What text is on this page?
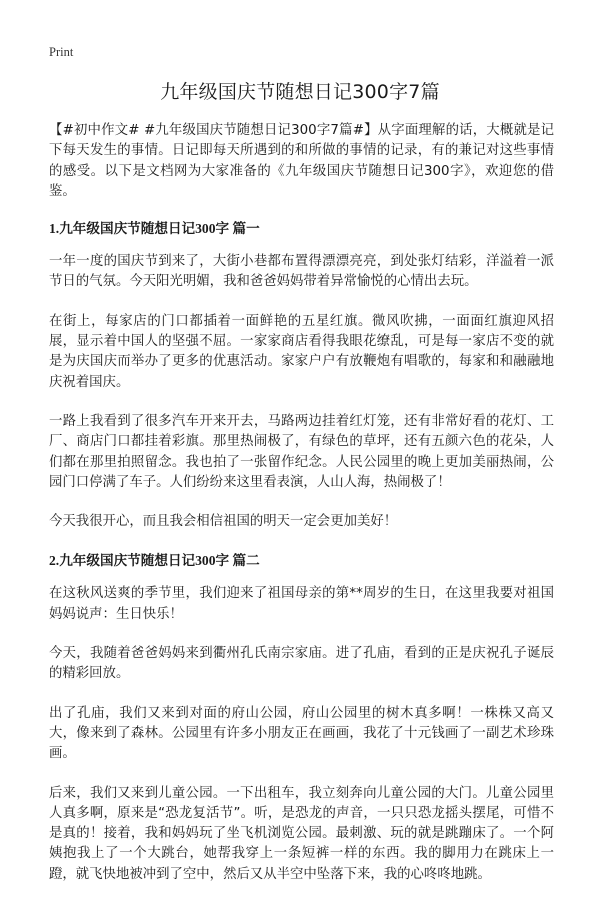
Print
九年级国庆节随想日记300字7篇

【#初中作文# #九年级国庆节随想日记300字7篇#】从字面理解的话，大概就是记下每天发生的事情。日记即每天所遇到的和所做的事情的记录，有的兼记对这些事情的感受。以下是文档网为大家准备的《九年级国庆节随想日记300字》，欢迎您的借鉴。

1.九年级国庆节随想日记300字 篇一

一年一度的国庆节到来了，大街小巷都布置得漂漂亮亮，到处张灯结彩，洋溢着一派节日的气氛。今天阳光明媚，我和爸爸妈妈带着异常愉悦的心情出去玩。

在街上，每家店的门口都插着一面鲜艳的五星红旗。微风吹拂，一面面红旗迎风招展，显示着中国人的坚强不屈。一家家商店看得我眼花缭乱，可是每一家店不变的就是为庆国庆而举办了更多的优惠活动。家家户户有放鞭炮有唱歌的，每家和和融融地庆祝着国庆。

一路上我看到了很多汽车开来开去，马路两边挂着红灯笼，还有非常好看的花灯、工厂、商店门口都挂着彩旗。那里热闹极了，有绿色的草坪，还有五颜六色的花朵，人们都在那里拍照留念。我也拍了一张留作纪念。人民公园里的晚上更加美丽热闹，公园门口停满了车子。人们纷纷来这里看表演，人山人海，热闹极了！

今天我很开心，而且我会相信祖国的明天一定会更加美好！

2.九年级国庆节随想日记300字 篇二

在这秋风送爽的季节里，我们迎来了祖国母亲的第**周岁的生日，在这里我要对祖国妈妈说声：生日快乐！

今天，我随着爸爸妈妈来到衢州孔氏南宗家庙。进了孔庙，看到的正是庆祝孔子诞辰的精彩回放。

出了孔庙，我们又来到对面的府山公园，府山公园里的树木真多啊！一株株又高又大，像来到了森林。公园里有许多小朋友正在画画，我花了十元钱画了一副艺术珍珠画。

后来，我们又来到儿童公园。一下出租车，我立刻奔向儿童公园的大门。儿童公园里人真多啊，原来是“恐龙复活节”。听，是恐龙的声音，一只只恐龙摇头摆尾，可惜不是真的！接着，我和妈妈玩了坐飞机浏览公园。最刺激、玩的就是跳蹦床了。一个阿姨抱我上了一个大跳台，她帮我穿上一条短裤一样的东西。我的脚用力在跳床上一蹬，就飞快地被冲到了空中，然后又从半空中坠落下来，我的心咚咚地跳。
